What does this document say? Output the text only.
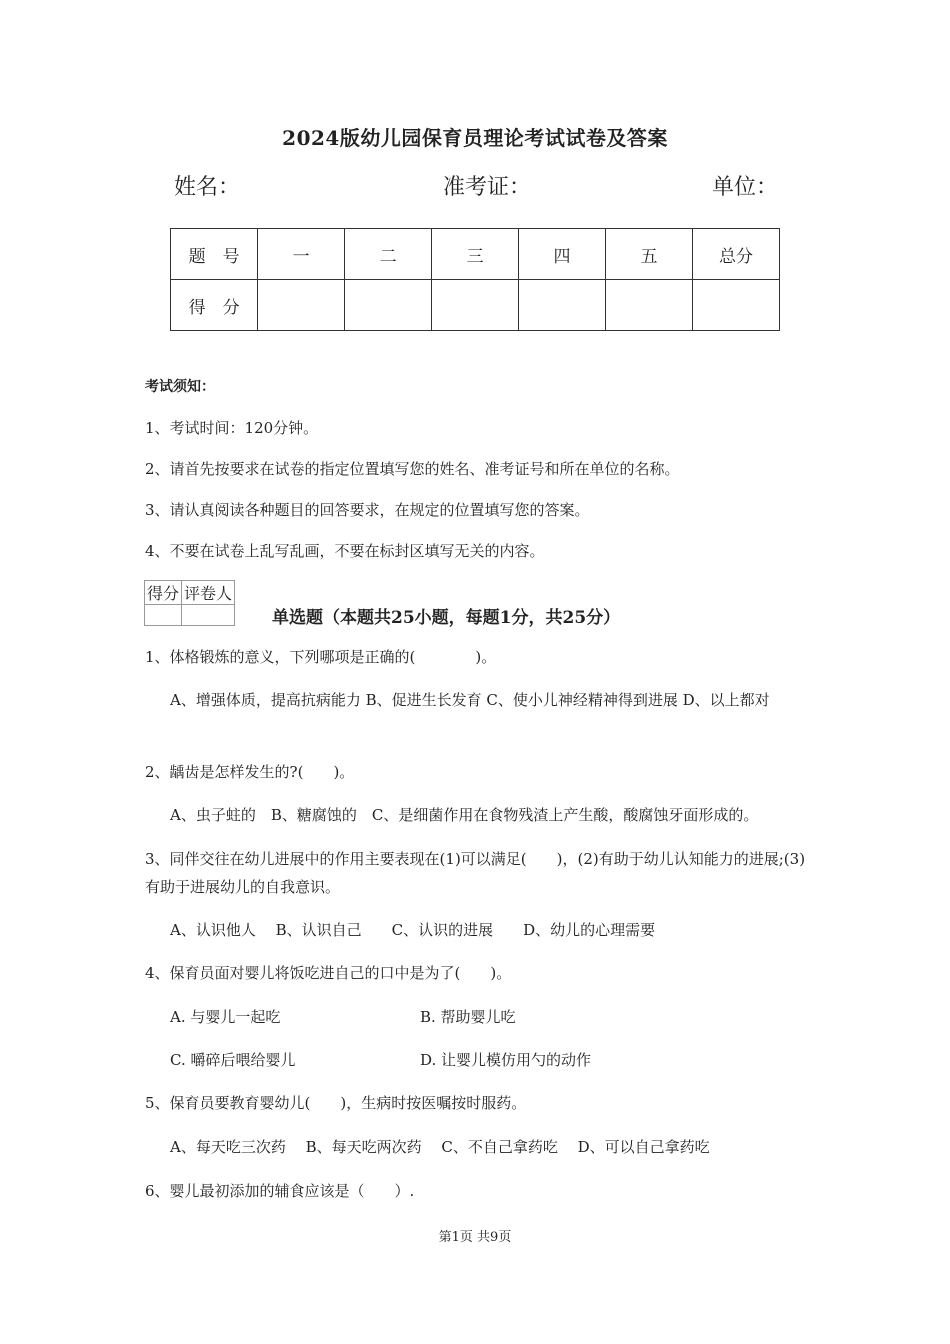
2024版幼儿园保育员理论考试试卷及答案
姓名：	准考证：	单位：
题　号	一	二	三	四	五	总分
得　分						
考试须知：
1、考试时间：120分钟。
2、请首先按要求在试卷的指定位置填写您的姓名、准考证号和所在单位的名称。
3、请认真阅读各种题目的回答要求，在规定的位置填写您的答案。
4、不要在试卷上乱写乱画，不要在标封区填写无关的内容。
得分	评卷人

单选题（本题共25小题，每题1分，共25分）
1、体格锻炼的意义，下列哪项是正确的(　　　　)。
A、增强体质，提高抗病能力 B、促进生长发育 C、使小儿神经精神得到进展 D、以上都对
2、龋齿是怎样发生的?(　　)。
A、虫子蛀的　B、糖腐蚀的　C、是细菌作用在食物残渣上产生酸，酸腐蚀牙面形成的。
3、同伴交往在幼儿进展中的作用主要表现在(1)可以满足(　　)，(2)有助于幼儿认知能力的进展;(3)有助于进展幼儿的自我意识。
A、认识他人　 B、认识自己　　C、认识的进展　　D、幼儿的心理需要
4、保育员面对婴儿将饭吃进自己的口中是为了(　　)。
A. 与婴儿一起吃	B. 帮助婴儿吃
C. 嚼碎后喂给婴儿	D. 让婴儿模仿用勺的动作
5、保育员要教育婴幼儿(　　)，生病时按医嘱按时服药。
A、每天吃三次药　 B、每天吃两次药　 C、不自己拿药吃　 D、可以自己拿药吃
6、婴儿最初添加的辅食应该是（　　）.
第1页 共9页
